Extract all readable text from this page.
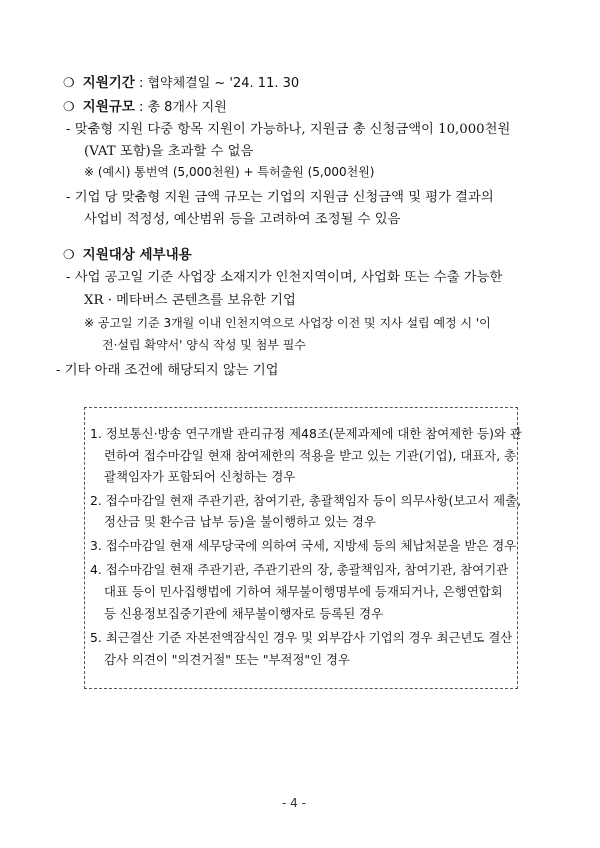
❍ 지원기간 : 협약체결일 ~ '24. 11. 30
❍ 지원규모 : 총 8개사 지원
- 맞춤형 지원 다중 항목 지원이 가능하나, 지원금 총 신청금액이 10,000천원
(VAT 포함)을 초과할 수 없음
※ (예시) 통번역 (5,000천원) + 특허출원 (5,000천원)
- 기업 당 맞춤형 지원 금액 규모는 기업의 지원금 신청금액 및 평가 결과의
사업비 적정성, 예산범위 등을 고려하여 조정될 수 있음
❍ 지원대상 세부내용
- 사업 공고일 기준 사업장 소재지가 인천지역이며, 사업화 또는 수출 가능한
XR · 메타버스 콘텐츠를 보유한 기업
※ 공고일 기준 3개월 이내 인천지역으로 사업장 이전 및 지사 설립 예정 시 '이
전·설립 확약서' 양식 작성 및 첨부 필수
- 기타 아래 조건에 해당되지 않는 기업
1. 정보통신·방송 연구개발 관리규정 제48조(문제과제에 대한 참여제한 등)와 관
련하여 접수마감일 현재 참여제한의 적용을 받고 있는 기관(기업), 대표자, 총
괄책임자가 포함되어 신청하는 경우
2. 접수마감일 현재 주관기관, 참여기관, 총괄책임자 등이 의무사항(보고서 제출,
정산금 및 환수금 납부 등)을 불이행하고 있는 경우
3. 접수마감일 현재 세무당국에 의하여 국세, 지방세 등의 체납처분을 받은 경우
4. 접수마감일 현재 주관기관, 주관기관의 장, 총괄책임자, 참여기관, 참여기관
대표 등이 민사집행법에 기하여 채무불이행명부에 등재되거나, 은행연합회
등 신용정보집중기관에 채무불이행자로 등록된 경우
5. 최근결산 기준 자본전액잠식인 경우 및 외부감사 기업의 경우 최근년도 결산
감사 의견이 "의견거절" 또는 "부적정"인 경우
- 4 -
